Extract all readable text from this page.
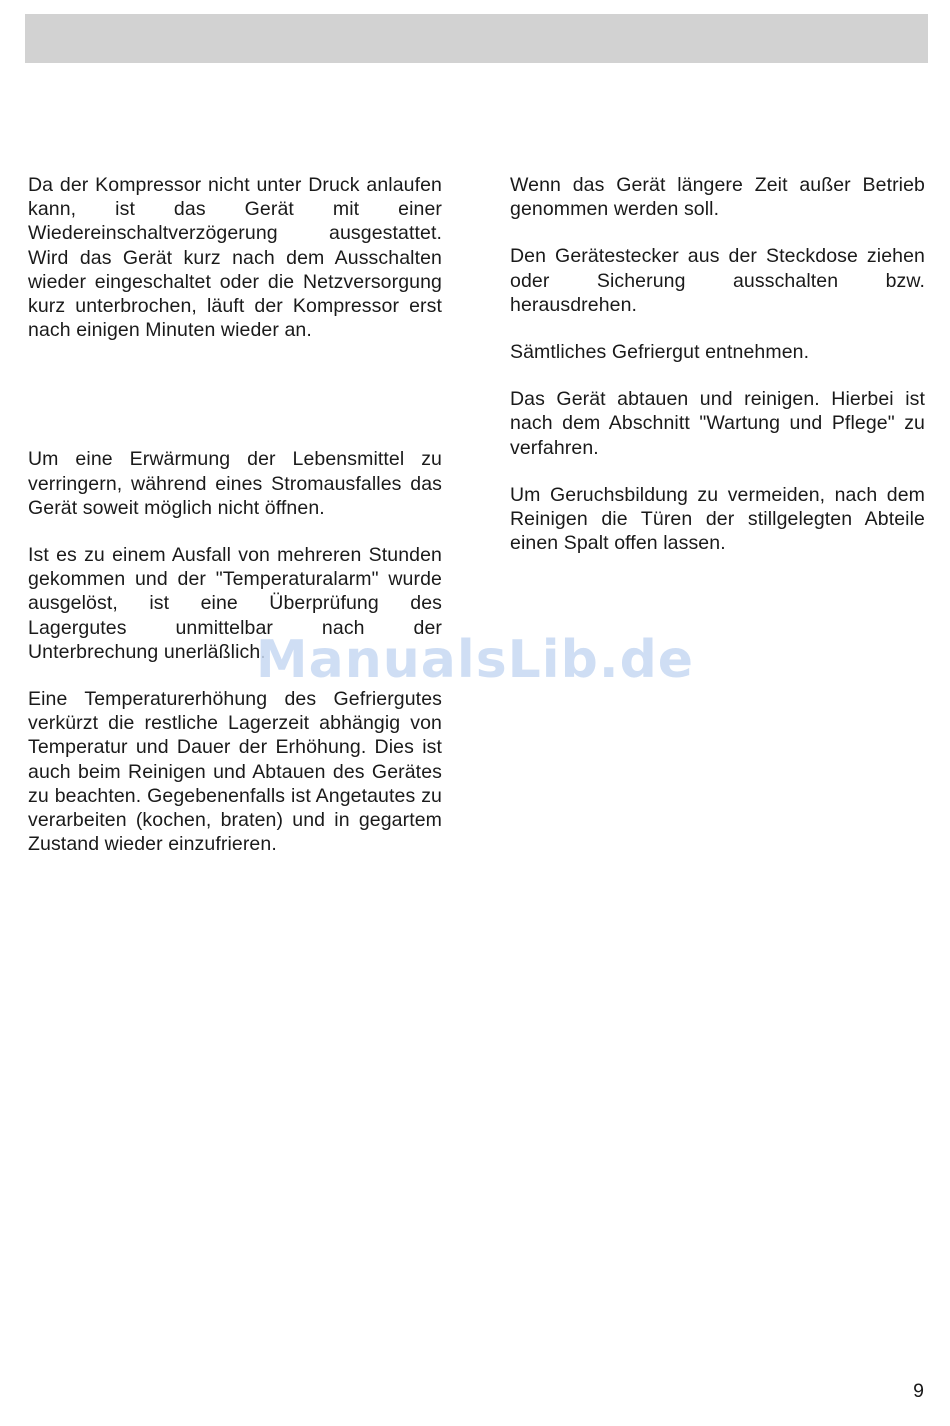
Da der Kompressor nicht unter Druck anlaufen kann, ist das Gerät mit einer Wiedereinschaltverzögerung ausgestattet. Wird das Gerät kurz nach dem Ausschalten wieder eingeschaltet oder die Netzversorgung kurz unterbrochen, läuft der Kompressor erst nach einigen Minuten wieder an.

Um eine Erwärmung der Lebensmittel zu verringern, während eines Stromausfalles das Gerät soweit möglich nicht öffnen.

Ist es zu einem Ausfall von mehreren Stunden gekommen und der "Temperaturalarm" wurde ausgelöst, ist eine Überprüfung des Lagergutes unmittelbar nach der Unterbrechung unerläßlich.

Eine Temperaturerhöhung des Gefriergutes verkürzt die restliche Lagerzeit abhängig von Temperatur und Dauer der Erhöhung. Dies ist auch beim Reinigen und Abtauen des Gerätes zu beachten. Gegebenenfalls ist Angetautes zu verarbeiten (kochen, braten) und in gegartem Zustand wieder einzufrieren.

Wenn das Gerät längere Zeit außer Betrieb genommen werden soll.

Den Gerätestecker aus der Steckdose ziehen oder Sicherung ausschalten bzw. herausdrehen.

Sämtliches Gefriergut entnehmen.

Das Gerät abtauen und reinigen. Hierbei ist nach dem Abschnitt "Wartung und Pflege" zu verfahren.

Um Geruchsbildung zu vermeiden, nach dem Reinigen die Türen der stillgelegten Abteile einen Spalt offen lassen.

ManualsLib.de
9
